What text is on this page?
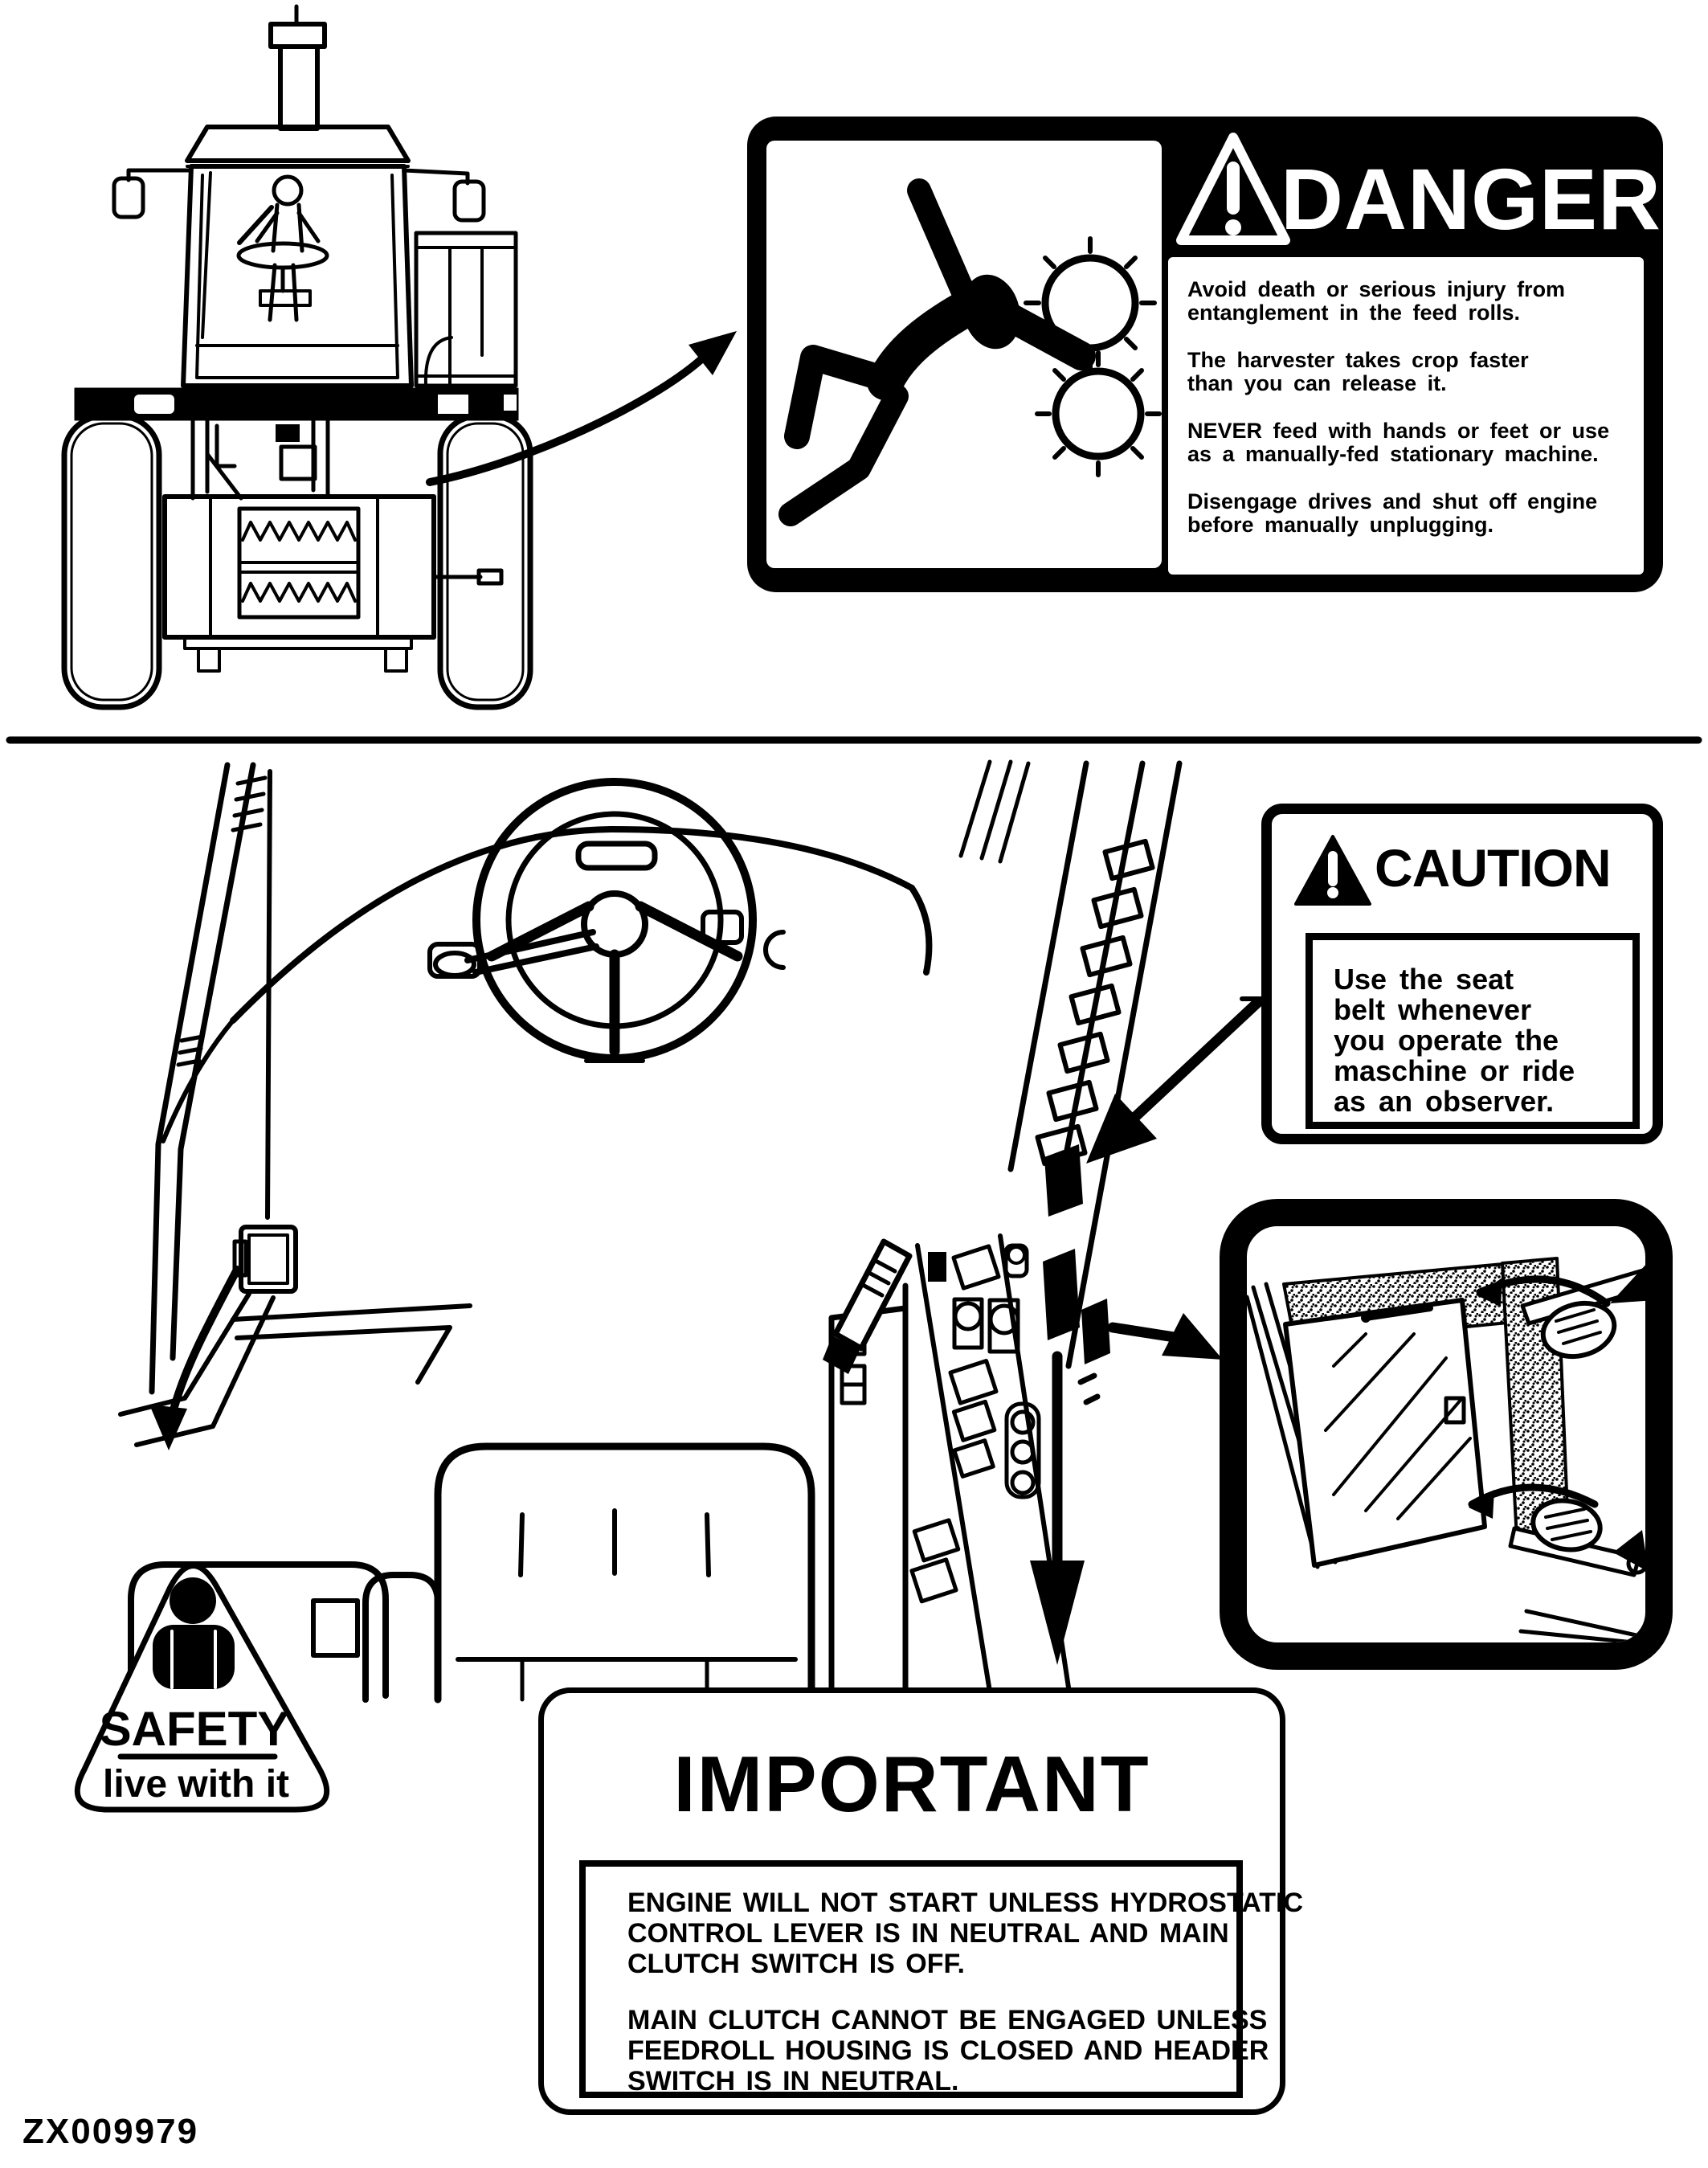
SAFETY
live with it
DANGER
Avoid death or serious injury from
entanglement in the feed rolls.
The harvester takes crop faster
than you can release it.
NEVER feed with hands or feet or use
as a manually-fed stationary machine.
Disengage drives and shut off engine
before manually unplugging.
CAUTION
Use the seat
belt whenever
you operate the
maschine or ride
as an observer.
IMPORTANT
ENGINE WILL NOT START UNLESS HYDROSTATIC
CONTROL LEVER IS IN NEUTRAL AND MAIN
CLUTCH SWITCH IS OFF.
MAIN CLUTCH CANNOT BE ENGAGED UNLESS
FEEDROLL HOUSING IS CLOSED AND HEADER
SWITCH IS IN NEUTRAL.
ZX009979
